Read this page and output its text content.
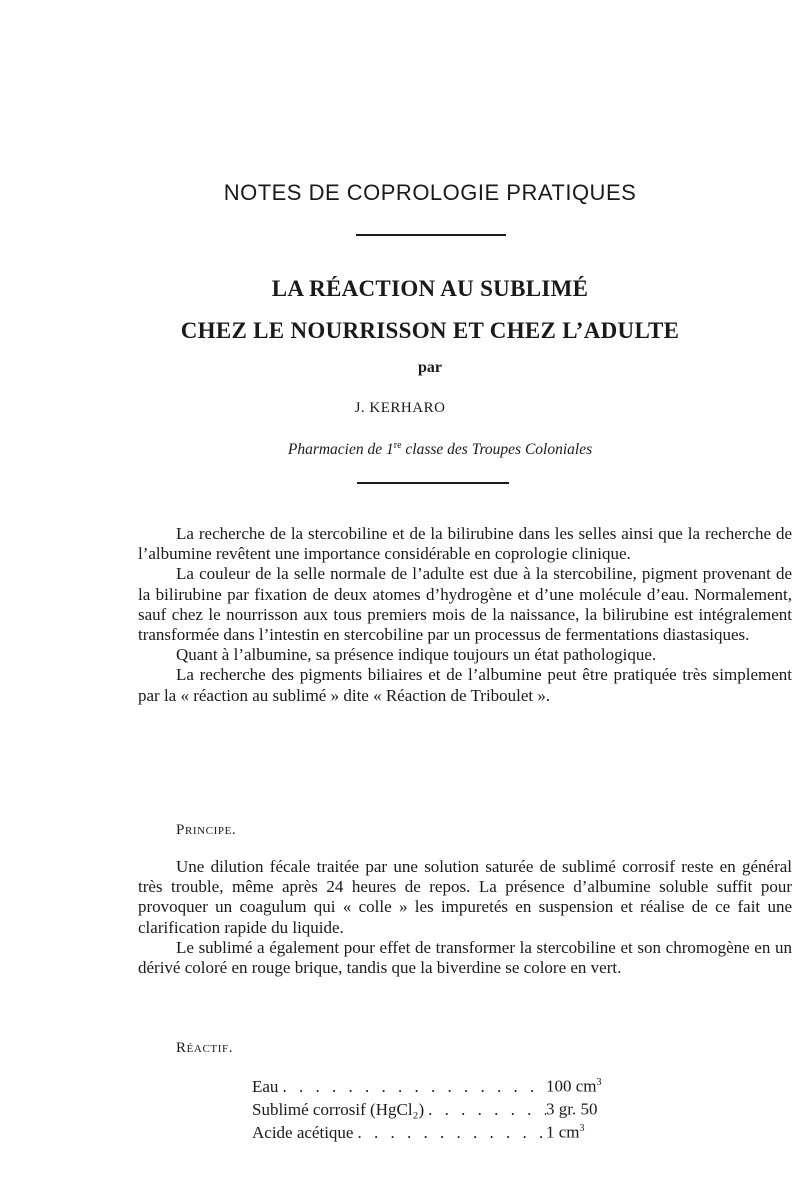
NOTES DE COPROLOGIE PRATIQUES
LA RÉACTION AU SUBLIMÉ
CHEZ LE NOURRISSON ET CHEZ L’ADULTE
par
J. KERHARO
Pharmacien de 1re classe des Troupes Coloniales

La recherche de la stercobiline et de la bilirubine dans les selles ainsi que la recherche de l’albumine revêtent une importance considérable en coprologie clinique.

La couleur de la selle normale de l’adulte est due à la stercobiline, pigment provenant de la bilirubine par fixation de deux atomes d’hydrogène et d’une molécule d’eau. Normalement, sauf chez le nourrisson aux tous premiers mois de la naissance, la bilirubine est intégralement transformée dans l’intestin en stercobiline par un processus de fermentations diastasiques.

Quant à l’albumine, sa présence indique toujours un état pathologique.

La recherche des pigments biliaires et de l’albumine peut être pratiquée très simplement par la « réaction au sublimé » dite « Réaction de Triboulet ».

Principe.

Une dilution fécale traitée par une solution saturée de sublimé corrosif reste en général très trouble, même après 24 heures de repos. La présence d’albumine soluble suffit pour provoquer un coagulum qui « colle » les impuretés en suspension et réalise de ce fait une clarification rapide du liquide.

Le sublimé a également pour effet de transformer la stercobiline et son chromogène en un dérivé coloré en rouge brique, tandis que la biverdine se colore en vert.

Réactif.
Eau . . .	100 $cm^3$
Sublimé corrosif (HgCl₂) . . .	3 gr. 50
Acide acétique . . .	1 $cm^3$
